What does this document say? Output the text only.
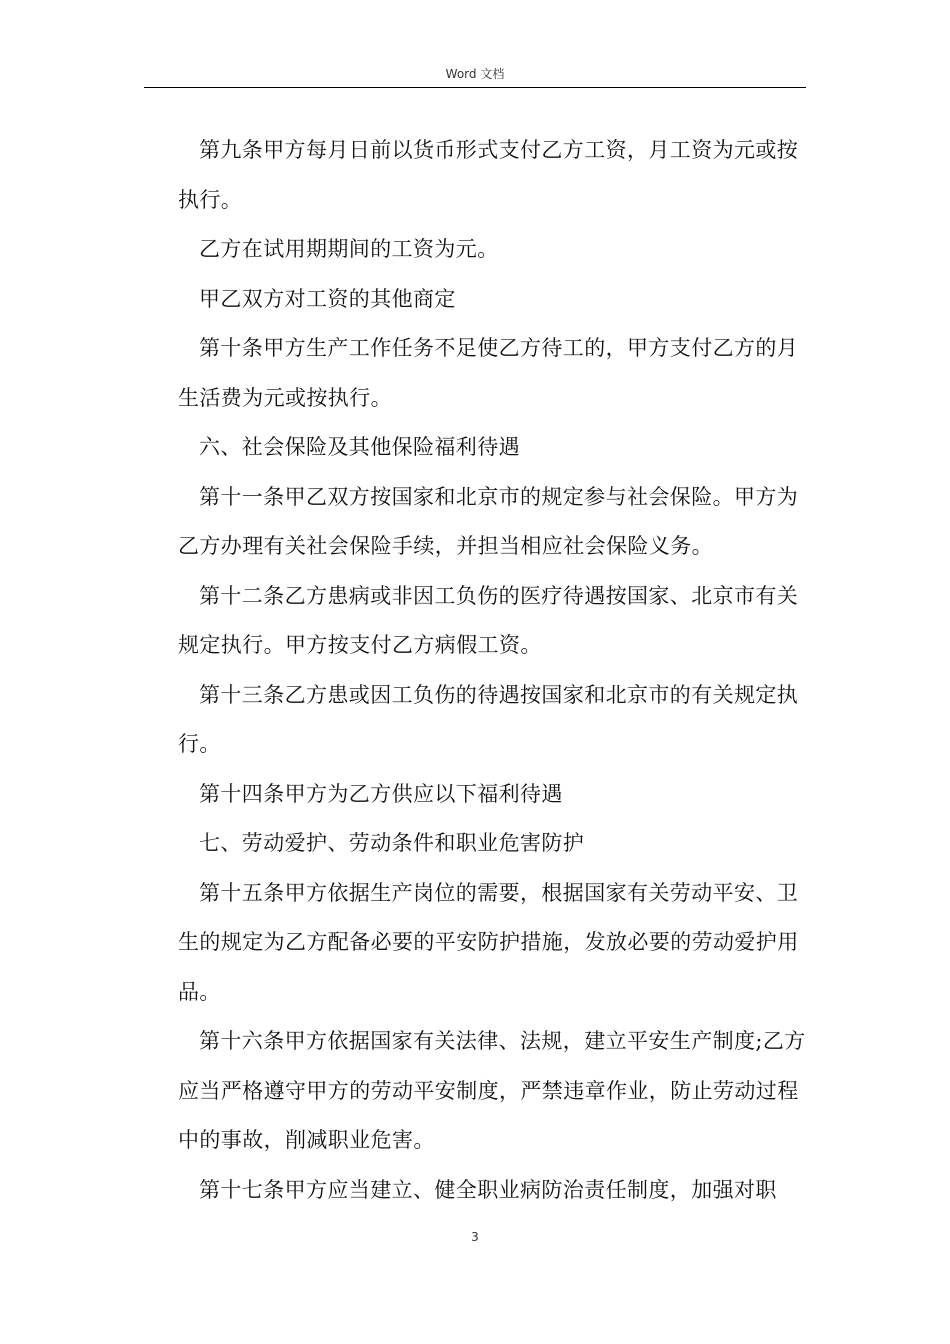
Word 文档

第九条甲方每月日前以货币形式支付乙方工资，月工资为元或按执行。

乙方在试用期期间的工资为元。

甲乙双方对工资的其他商定

第十条甲方生产工作任务不足使乙方待工的，甲方支付乙方的月生活费为元或按执行。

六、社会保险及其他保险福利待遇

第十一条甲乙双方按国家和北京市的规定参与社会保险。甲方为乙方办理有关社会保险手续，并担当相应社会保险义务。

第十二条乙方患病或非因工负伤的医疗待遇按国家、北京市有关规定执行。甲方按支付乙方病假工资。

第十三条乙方患或因工负伤的待遇按国家和北京市的有关规定执行。

第十四条甲方为乙方供应以下福利待遇

七、劳动爱护、劳动条件和职业危害防护

第十五条甲方依据生产岗位的需要，根据国家有关劳动平安、卫生的规定为乙方配备必要的平安防护措施，发放必要的劳动爱护用品。

第十六条甲方依据国家有关法律、法规，建立平安生产制度;乙方应当严格遵守甲方的劳动平安制度，严禁违章作业，防止劳动过程中的事故，削减职业危害。

第十七条甲方应当建立、健全职业病防治责任制度，加强对职

3
